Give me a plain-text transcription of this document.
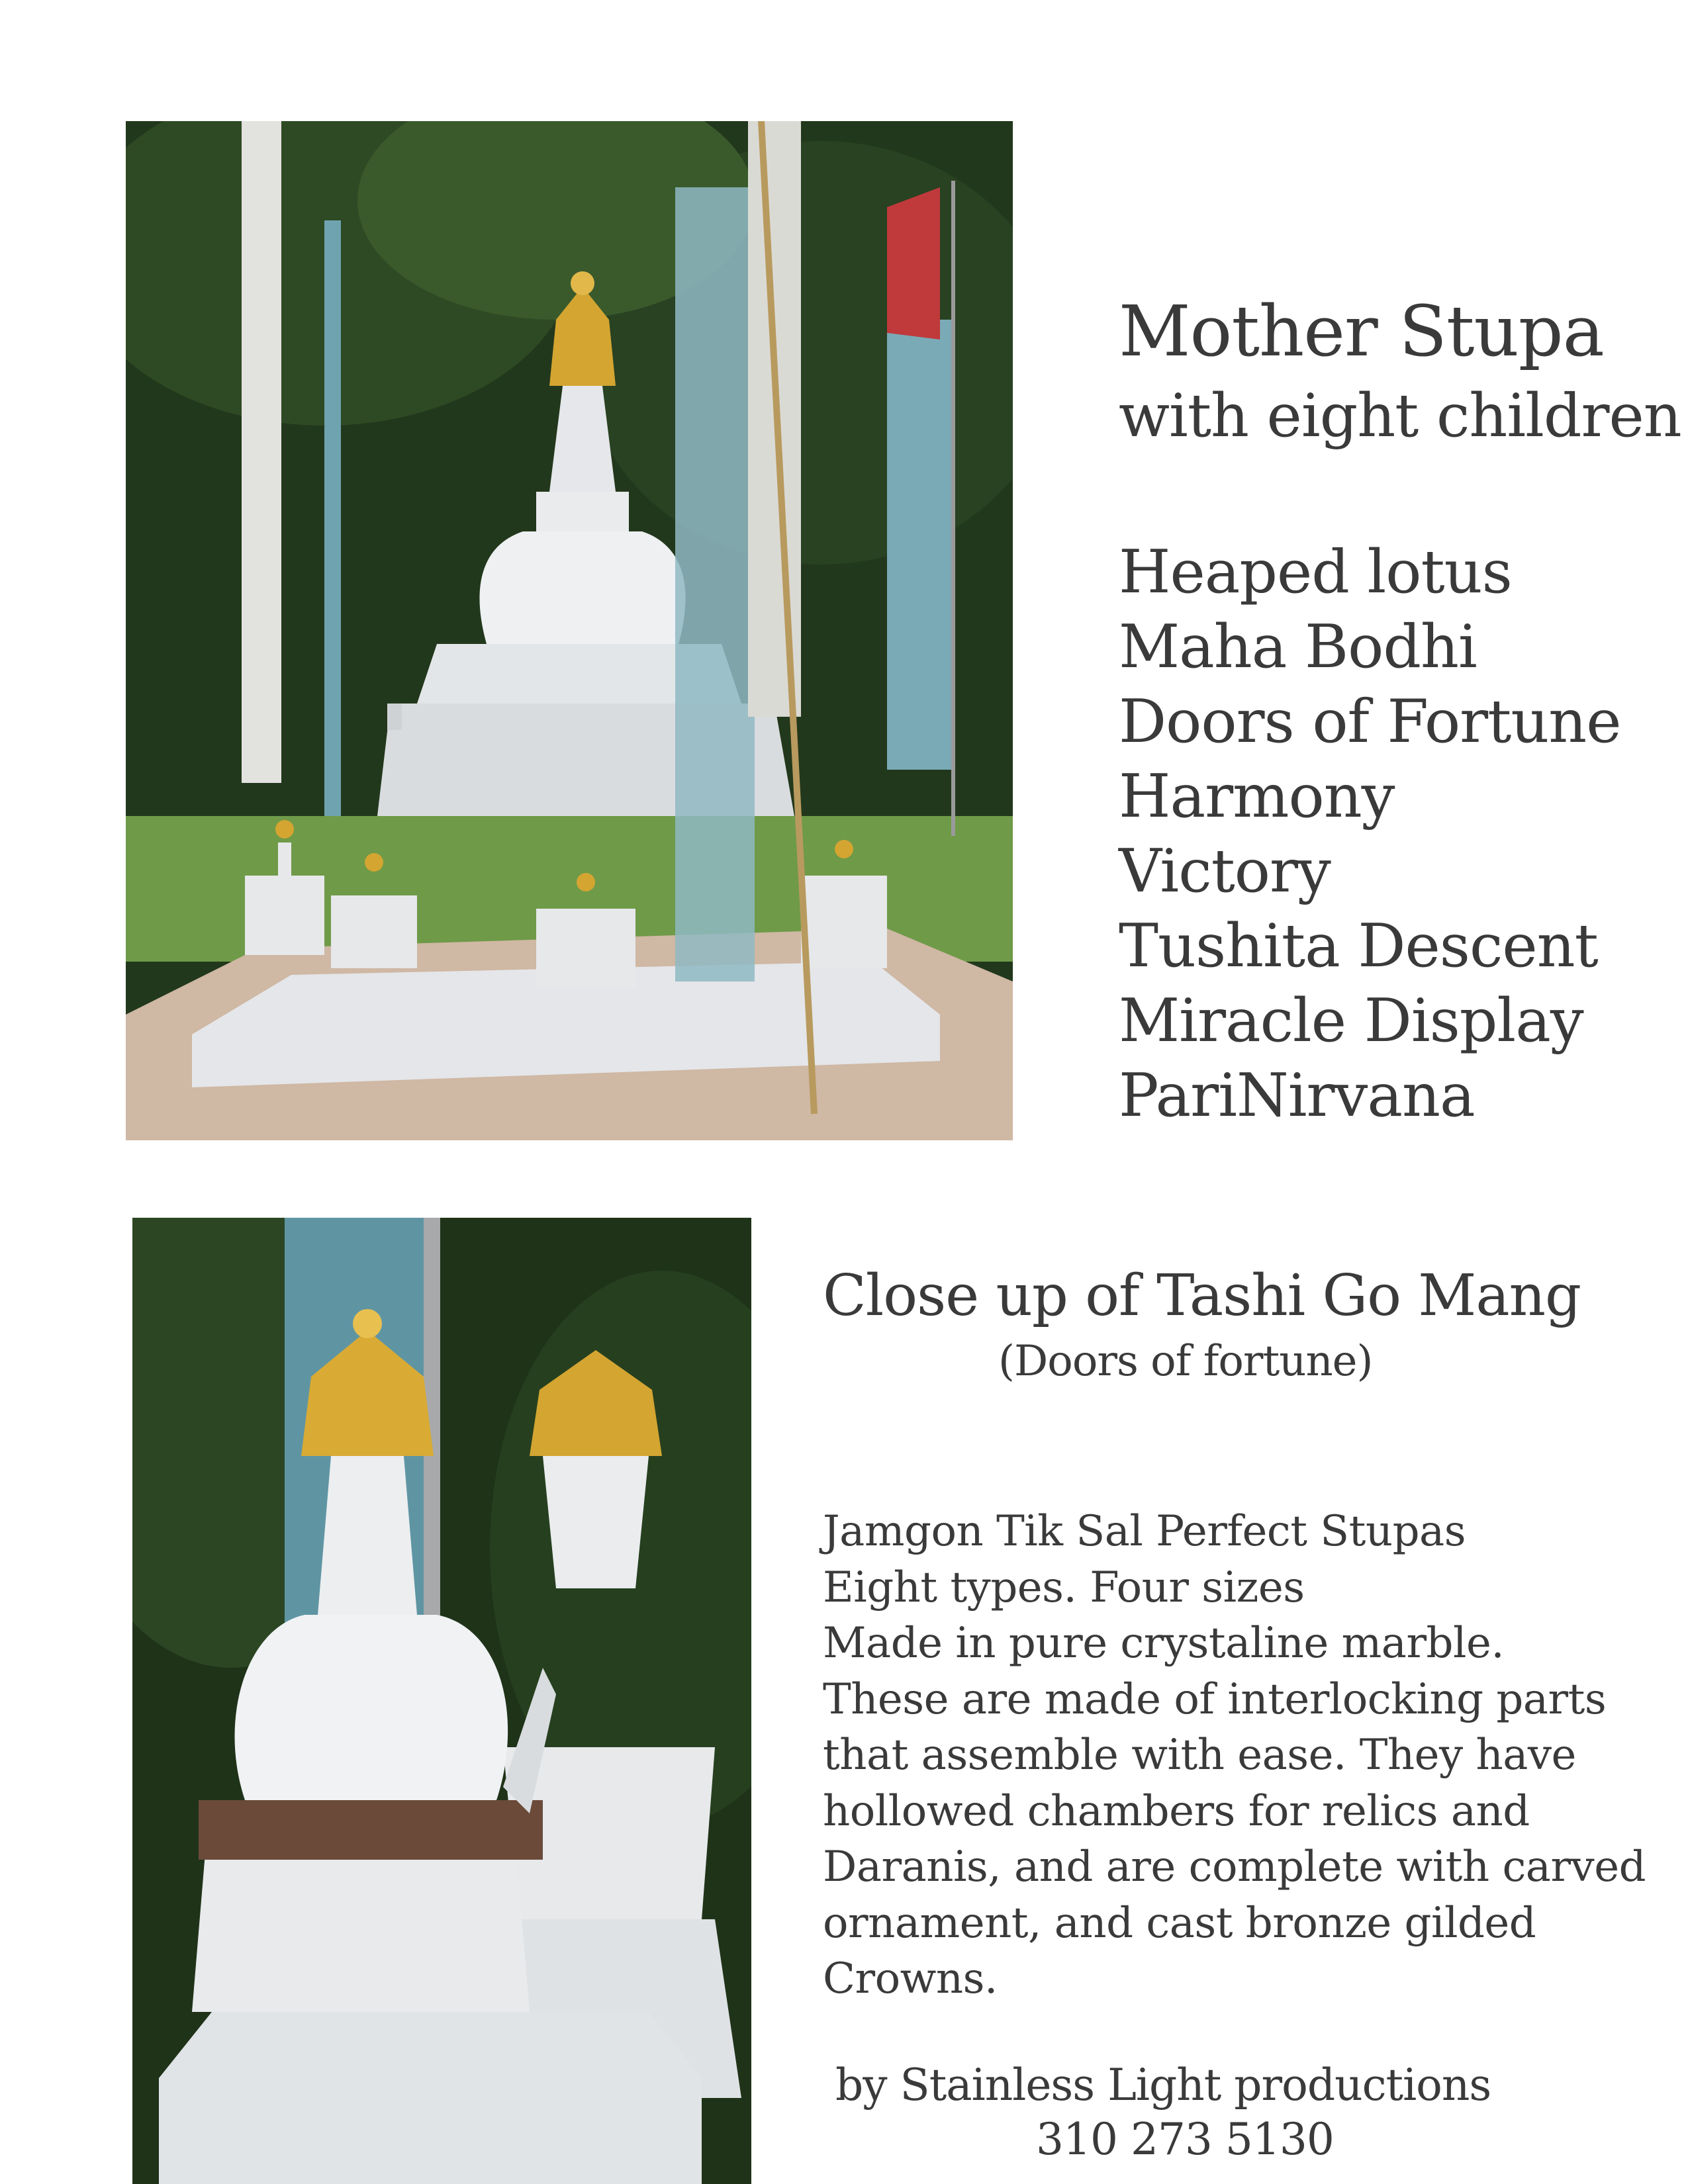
Mother Stupa
with eight children
Heaped lotus
Maha Bodhi
Doors of Fortune
Harmony
Victory
Tushita Descent
Miracle Display
PariNirvana
Close up of Tashi Go Mang
(Doors of fortune)
Jamgon Tik Sal Perfect Stupas
Eight types. Four sizes
Made in pure crystaline marble.
These are made of interlocking parts
that assemble with ease. They have
hollowed chambers for relics and
Daranis, and are complete with carved
ornament, and cast bronze gilded
Crowns.
by Stainless Light productions
310 273 5130
